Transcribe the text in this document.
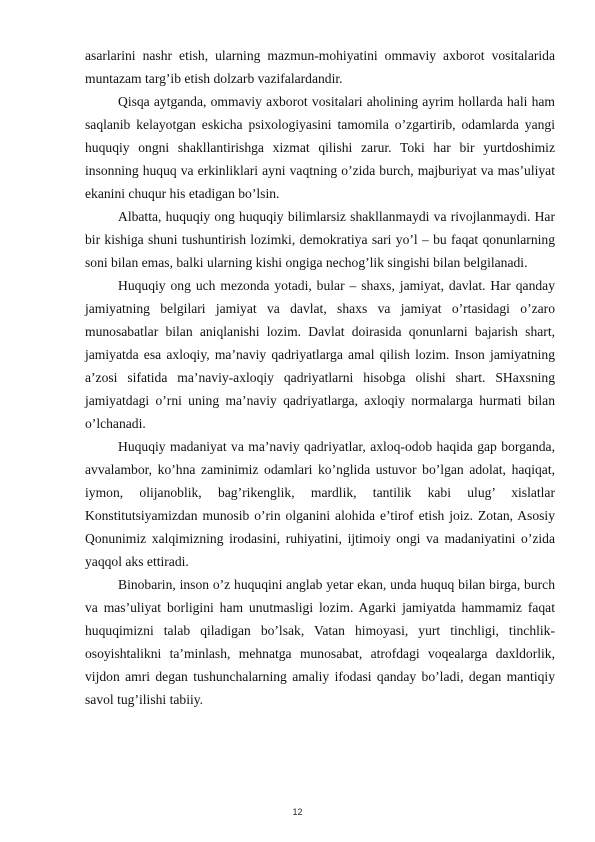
asarlarini nashr etish, ularning mazmun-mohiyatini ommaviy axborot vositalarida muntazam targ’ib etish dolzarb vazifalardandir.

Qisqa aytganda, ommaviy axborot vositalari aholining ayrim hollarda hali ham saqlanib kelayotgan eskicha psixologiyasini tamomila o’zgartirib, odamlarda yangi huquqiy ongni shakllantirishga xizmat qilishi zarur. Toki har bir yurtdoshimiz insonning huquq va erkinliklari ayni vaqtning o’zida burch, majburiyat va mas’uliyat ekanini chuqur his etadigan bo’lsin.

Albatta, huquqiy ong huquqiy bilimlarsiz shakllanmaydi va rivojlanmaydi. Har bir kishiga shuni tushuntirish lozimki, demokratiya sari yo’l – bu faqat qonunlarning soni bilan emas, balki ularning kishi ongiga nechog’lik singishi bilan belgilanadi.

Huquqiy ong uch mezonda yotadi, bular – shaxs, jamiyat, davlat. Har qanday jamiyatning belgilari jamiyat va davlat, shaxs va jamiyat o’rtasidagi o’zaro munosabatlar bilan aniqlanishi lozim. Davlat doirasida qonunlarni bajarish shart, jamiyatda esa axloqiy, ma’naviy qadriyatlarga amal qilish lozim. Inson jamiyatning a’zosi sifatida ma’naviy-axloqiy qadriyatlarni hisobga olishi shart. SHaxsning jamiyatdagi o’rni uning ma’naviy qadriyatlarga, axloqiy normalarga hurmati bilan o’lchanadi.

Huquqiy madaniyat va ma’naviy qadriyatlar, axloq-odob haqida gap borganda, avvalambor, ko’hna zaminimiz odamlari ko’nglida ustuvor bo’lgan adolat, haqiqat, iymon, olijanoblik, bag’rikenglik, mardlik, tantilik kabi ulug’ xislatlar Konstitutsiyamizdan munosib o’rin olganini alohida e’tirof etish joiz. Zotan, Asosiy Qonunimiz xalqimizning irodasini, ruhiyatini, ijtimoiy ongi va madaniyatini o’zida yaqqol aks ettiradi.

Binobarin, inson o’z huquqini anglab yetar ekan, unda huquq bilan birga, burch va mas’uliyat borligini ham unutmasligi lozim. Agarki jamiyatda hammamiz faqat huquqimizni talab qiladigan bo’lsak, Vatan himoyasi, yurt tinchligi, tinchlik-osoyishtalikni ta’minlash, mehnatga munosabat, atrofdagi voqealarga daxldorlik, vijdon amri degan tushunchalarning amaliy ifodasi qanday bo’ladi, degan mantiqiy savol tug’ilishi tabiiy.

12
